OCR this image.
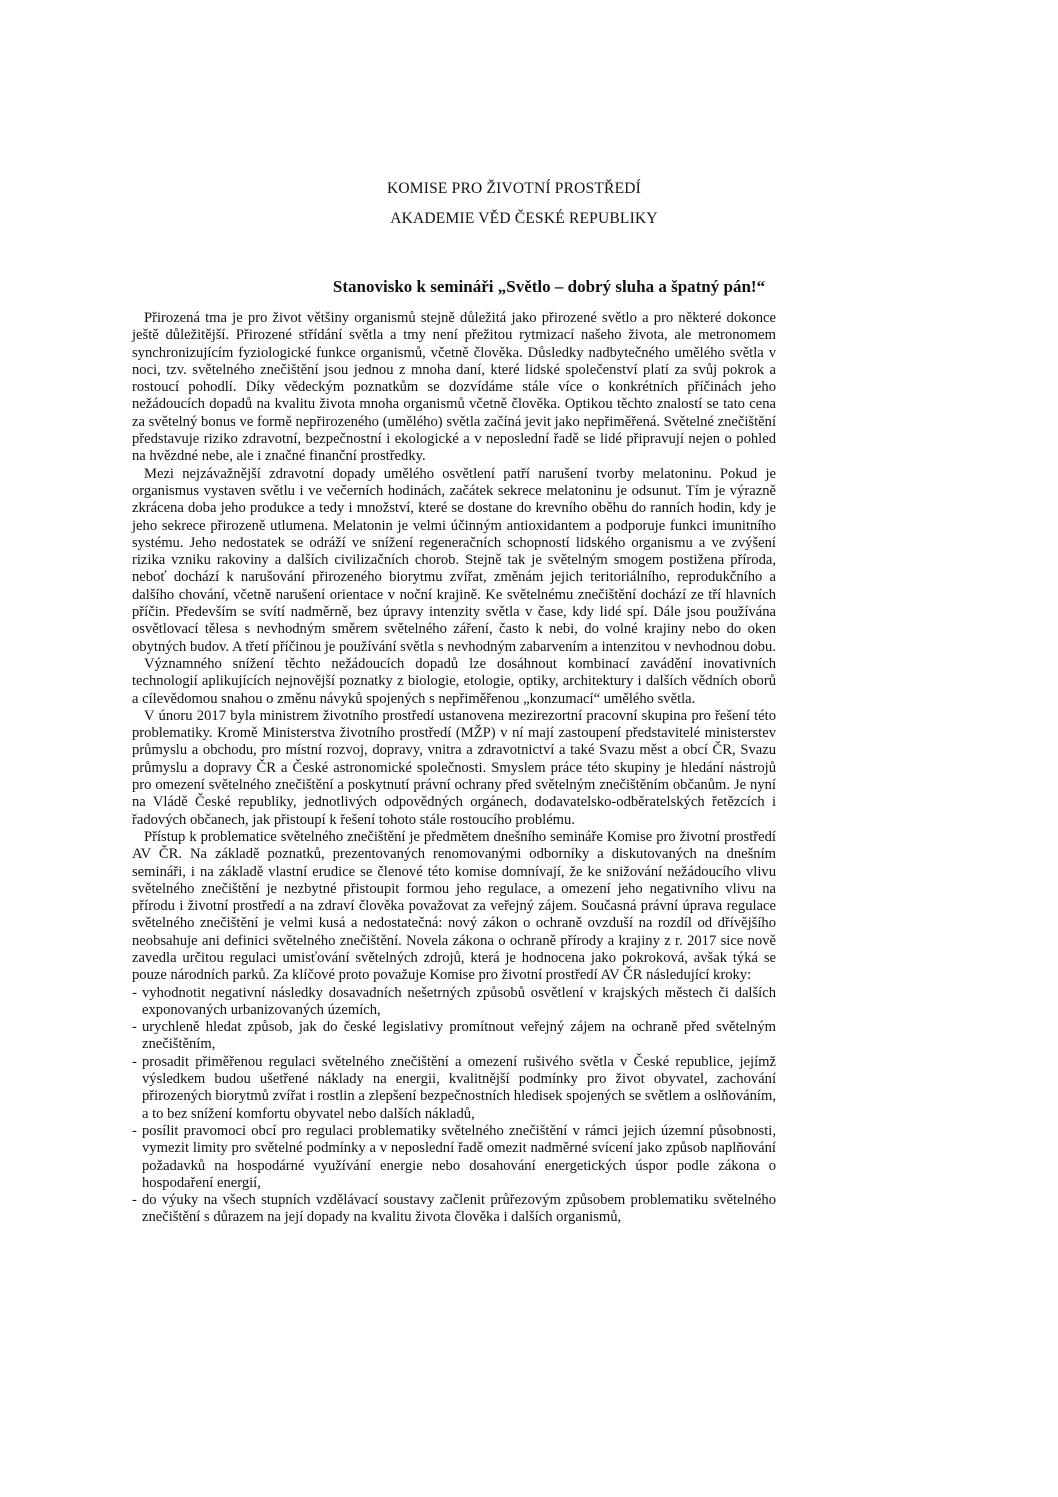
KOMISE PRO ŽIVOTNÍ PROSTŘEDÍ
AKADEMIE VĚD ČESKÉ REPUBLIKY
Stanovisko k semináři „Světlo – dobrý sluha a špatný pán!“

Přirozená tma je pro život většiny organismů stejně důležitá jako přirozené světlo a pro některé dokonce ještě důležitější. Přirozené střídání světla a tmy není přežitou rytmizací našeho života, ale metronomem synchronizujícím fyziologické funkce organismů, včetně člověka. Důsledky nadbytečného umělého světla v noci, tzv. světelného znečištění jsou jednou z mnoha daní, které lidské společenství platí za svůj pokrok a rostoucí pohodlí. Díky vědeckým poznatkům se dozvídáme stále více o konkrétních příčinách jeho nežádoucích dopadů na kvalitu života mnoha organismů včetně člověka. Optikou těchto znalostí se tato cena za světelný bonus ve formě nepřirozeného (umělého) světla začíná jevit jako nepřiměřená. Světelné znečištění představuje riziko zdravotní, bezpečnostní i ekologické a v neposlední řadě se lidé připravují nejen o pohled na hvězdné nebe, ale i značné finanční prostředky.

Mezi nejzávažnější zdravotní dopady umělého osvětlení patří narušení tvorby melatoninu. Pokud je organismus vystaven světlu i ve večerních hodinách, začátek sekrece melatoninu je odsunut. Tím je výrazně zkrácena doba jeho produkce a tedy i množství, které se dostane do krevního oběhu do ranních hodin, kdy je jeho sekrece přirozeně utlumena. Melatonin je velmi účinným antioxidantem a podporuje funkci imunitního systému. Jeho nedostatek se odráží ve snížení regeneračních schopností lidského organismu a ve zvýšení rizika vzniku rakoviny a dalších civilizačních chorob. Stejně tak je světelným smogem postižena příroda, neboť dochází k narušování přirozeného biorytmu zvířat, změnám jejich teritoriálního, reprodukčního a dalšího chování, včetně narušení orientace v noční krajině. Ke světelnému znečištění dochází ze tří hlavních příčin. Především se svítí nadměrně, bez úpravy intenzity světla v čase, kdy lidé spí. Dále jsou používána osvětlovací tělesa s nevhodným směrem světelného záření, často k nebi, do volné krajiny nebo do oken obytných budov. A třetí příčinou je používání světla s nevhodným zabarvením a intenzitou v nevhodnou dobu.

Významného snížení těchto nežádoucích dopadů lze dosáhnout kombinací zavádění inovativních technologií aplikujících nejnovější poznatky z biologie, etologie, optiky, architektury i dalších vědních oborů a cílevědomou snahou o změnu návyků spojených s nepřiměřenou „konzumací“ umělého světla.

V únoru 2017 byla ministrem životního prostředí ustanovena mezirezortní pracovní skupina pro řešení této problematiky. Kromě Ministerstva životního prostředí (MŽP) v ní mají zastoupení představitelé ministerstev průmyslu a obchodu, pro místní rozvoj, dopravy, vnitra a zdravotnictví a také Svazu měst a obcí ČR, Svazu průmyslu a dopravy ČR a České astronomické společnosti. Smyslem práce této skupiny je hledání nástrojů pro omezení světelného znečištění a poskytnutí právní ochrany před světelným znečištěním občanům. Je nyní na Vládě České republiky, jednotlivých odpovědných orgánech, dodavatelsko-odběratelských řetězcích i řadových občanech, jak přistoupí k řešení tohoto stále rostoucího problému.

Přístup k problematice světelného znečištění je předmětem dnešního semináře Komise pro životní prostředí AV ČR. Na základě poznatků, prezentovaných renomovanými odborníky a diskutovaných na dnešním semináři, i na základě vlastní erudice se členové této komise domnívají, že ke snižování nežádoucího vlivu světelného znečištění je nezbytné přistoupit formou jeho regulace, a omezení jeho negativního vlivu na přírodu i životní prostředí a na zdraví člověka považovat za veřejný zájem. Současná právní úprava regulace světelného znečištění je velmi kusá a nedostatečná: nový zákon o ochraně ovzduší na rozdíl od dřívějšího neobsahuje ani definici světelného znečištění. Novela zákona o ochraně přírody a krajiny z r. 2017 sice nově zavedla určitou regulaci umisťování světelných zdrojů, která je hodnocena jako pokroková, avšak týká se pouze národních parků. Za klíčové proto považuje Komise pro životní prostředí AV ČR následující kroky:

- vyhodnotit negativní následky dosavadních nešetrných způsobů osvětlení v krajských městech či dalších exponovaných urbanizovaných územích,
- urychleně hledat způsob, jak do české legislativy promítnout veřejný zájem na ochraně před světelným znečištěním,
- prosadit přiměřenou regulaci světelného znečištění a omezení rušivého světla v České republice, jejímž výsledkem budou ušetřené náklady na energii, kvalitnější podmínky pro život obyvatel, zachování přirozených biorytmů zvířat i rostlin a zlepšení bezpečnostních hledisek spojených se světlem a oslňováním, a to bez snížení komfortu obyvatel nebo dalších nákladů,
- posílit pravomoci obcí pro regulaci problematiky světelného znečištění v rámci jejich územní působnosti, vymezit limity pro světelné podmínky a v neposlední řadě omezit nadměrné svícení jako způsob naplňování požadavků na hospodárné využívání energie nebo dosahování energetických úspor podle zákona o hospodaření energií,
- do výuky na všech stupních vzdělávací soustavy začlenit průřezovým způsobem problematiku světelného znečištění s důrazem na její dopady na kvalitu života člověka i dalších organismů,
